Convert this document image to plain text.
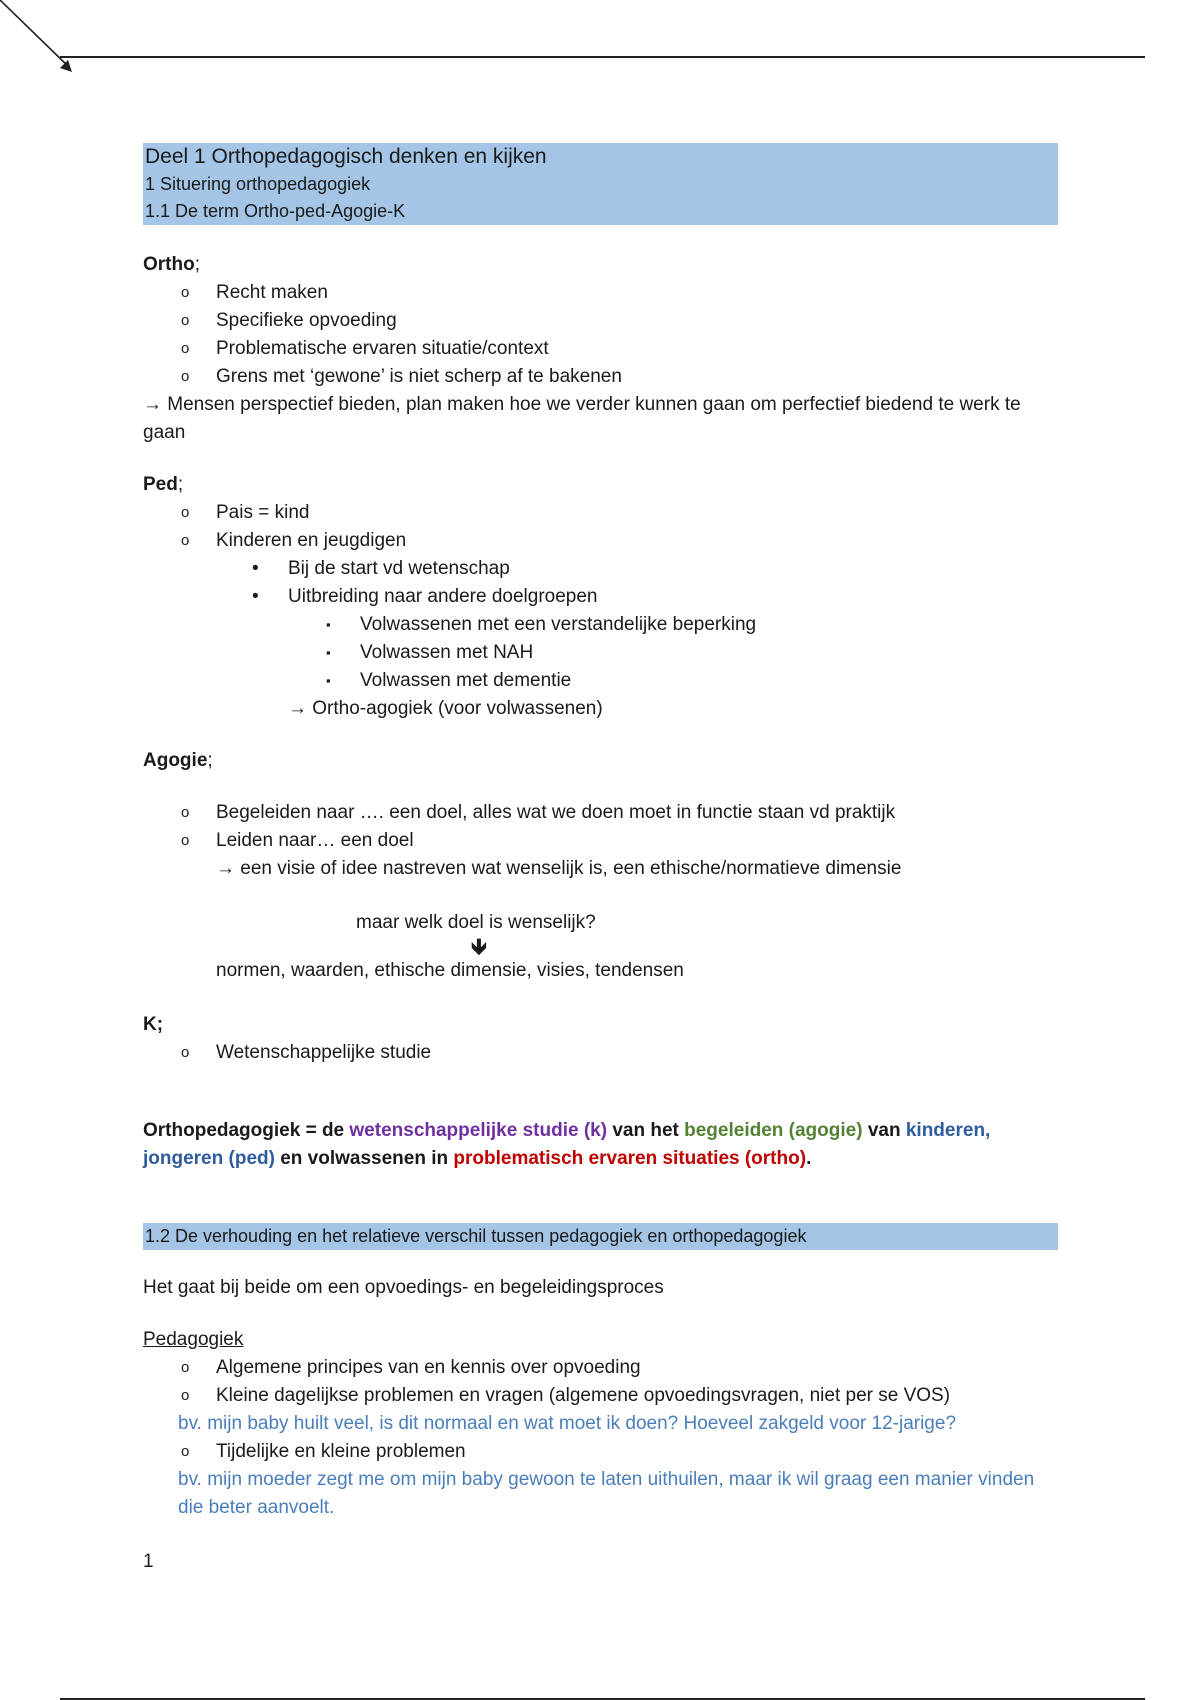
Deel 1 Orthopedagogisch denken en kijken
1 Situering orthopedagogiek
1.1 De term Ortho-ped-Agogie-K
Ortho;
o Recht maken
o Specifieke opvoeding
o Problematische ervaren situatie/context
o Grens met ‘gewone’ is niet scherp af te bakenen
→ Mensen perspectief bieden, plan maken hoe we verder kunnen gaan om perfectief biedend te werk te gaan
Ped;
o Pais = kind
o Kinderen en jeugdigen
• Bij de start vd wetenschap
• Uitbreiding naar andere doelgroepen
▪ Volwassenen met een verstandelijke beperking
▪ Volwassen met NAH
▪ Volwassen met dementie
→ Ortho-agogiek (voor volwassenen)
Agogie;
o Begeleiden naar …. een doel, alles wat we doen moet in functie staan vd praktijk
o Leiden naar… een doel
→ een visie of idee nastreven wat wenselijk is, een ethische/normatieve dimensie
maar welk doel is wenselijk?
🡻
normen, waarden, ethische dimensie, visies, tendensen
K;
o Wetenschappelijke studie
Orthopedagogiek = de wetenschappelijke studie (k) van het begeleiden (agogie) van kinderen, jongeren (ped) en volwassenen in problematisch ervaren situaties (ortho).
1.2 De verhouding en het relatieve verschil tussen pedagogiek en orthopedagogiek
Het gaat bij beide om een opvoedings- en begeleidingsproces
Pedagogiek
o Algemene principes van en kennis over opvoeding
o Kleine dagelijkse problemen en vragen (algemene opvoedingsvragen, niet per se VOS)
bv. mijn baby huilt veel, is dit normaal en wat moet ik doen? Hoeveel zakgeld voor 12-jarige?
o Tijdelijke en kleine problemen
bv. mijn moeder zegt me om mijn baby gewoon te laten uithuilen, maar ik wil graag een manier vinden die beter aanvoelt.
1
